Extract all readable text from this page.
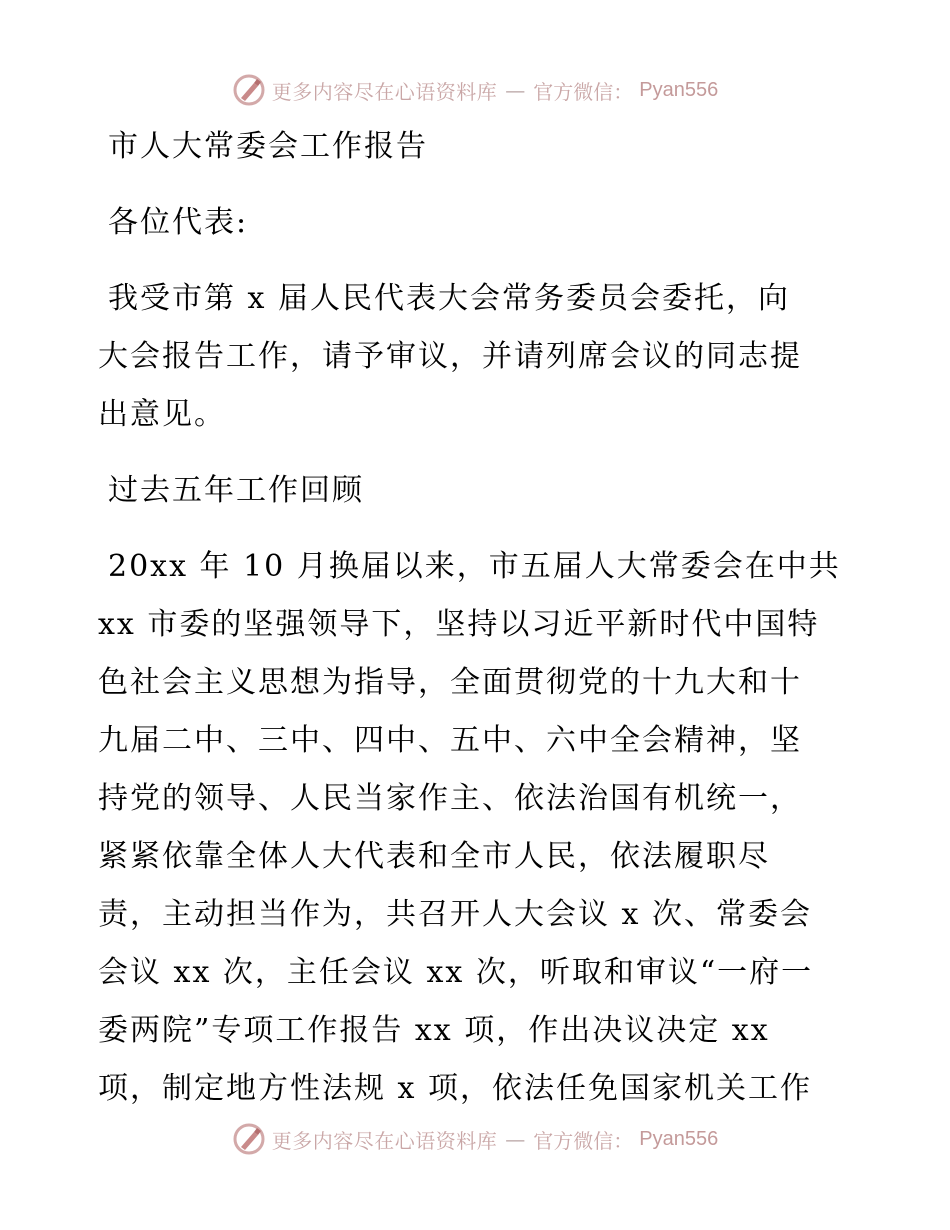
更多内容尽在心语资料库 — 官方微信： Pyan556
市人大常委会工作报告
各位代表:
我受市第 x 届人民代表大会常务委员会委托，向
大会报告工作，请予审议，并请列席会议的同志提
出意见。
过去五年工作回顾
20xx 年 10 月换届以来，市五届人大常委会在中共
xx 市委的坚强领导下，坚持以习近平新时代中国特
色社会主义思想为指导，全面贯彻党的十九大和十
九届二中、三中、四中、五中、六中全会精神，坚
持党的领导、人民当家作主、依法治国有机统一，
紧紧依靠全体人大代表和全市人民，依法履职尽
责，主动担当作为，共召开人大会议 x 次、常委会
会议 xx 次，主任会议 xx 次，听取和审议“一府一
委两院”专项工作报告 xx 项，作出决议决定 xx
项，制定地方性法规 x 项，依法任免国家机关工作
更多内容尽在心语资料库 — 官方微信： Pyan556
